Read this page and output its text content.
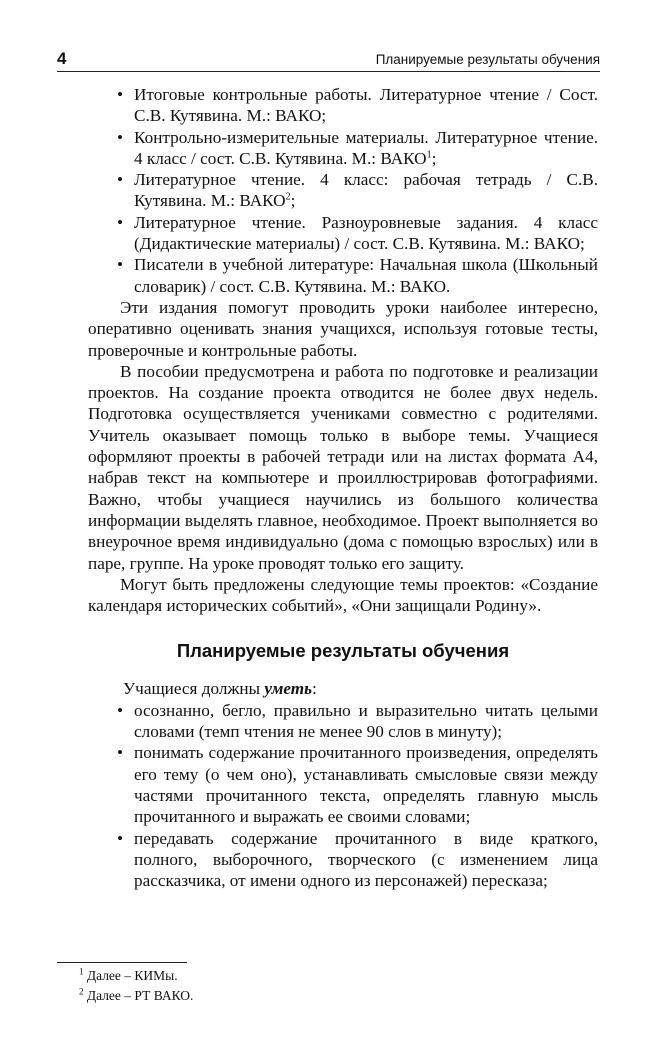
4	Планируемые результаты обучения
• Итоговые контрольные работы. Литературное чтение / Сост. С.В. Кутявина. М.: ВАКО;
• Контрольно-измерительные материалы. Литературное чтение. 4 класс / сост. С.В. Кутявина. М.: ВАКО$^1$;
• Литературное чтение. 4 класс: рабочая тетрадь / С.В. Кутявина. М.: ВАКО$^2$;
• Литературное чтение. Разноуровневые задания. 4 класс (Дидактические материалы) / сост. С.В. Кутявина. М.: ВАКО;
• Писатели в учебной литературе: Начальная школа (Школьный словарик) / сост. С.В. Кутявина. М.: ВАКО.

Эти издания помогут проводить уроки наиболее интересно, оперативно оценивать знания учащихся, используя готовые тесты, проверочные и контрольные работы.

В пособии предусмотрена и работа по подготовке и реализации проектов. На создание проекта отводится не более двух недель. Подготовка осуществляется учениками совместно с родителями. Учитель оказывает помощь только в выборе темы. Учащиеся оформляют проекты в рабочей тетради или на листах формата А4, набрав текст на компьютере и проиллюстрировав фотографиями. Важно, чтобы учащиеся научились из большого количества информации выделять главное, необходимое. Проект выполняется во внеурочное время индивидуально (дома с помощью взрослых) или в паре, группе. На уроке проводят только его защиту.

Могут быть предложены следующие темы проектов: «Создание календаря исторических событий», «Они защищали Родину».

Планируемые результаты обучения

Учащиеся должны уметь:

• осознанно, бегло, правильно и выразительно читать целыми словами (темп чтения не менее 90 слов в минуту);
• понимать содержание прочитанного произведения, определять его тему (о чем оно), устанавливать смысловые связи между частями прочитанного текста, определять главную мысль прочитанного и выражать ее своими словами;
• передавать содержание прочитанного в виде краткого, полного, выборочного, творческого (с изменением лица рассказчика, от имени одного из персонажей) пересказа;
$^1$ Далее – КИМы.
$^2$ Далее – РТ ВАКО.
